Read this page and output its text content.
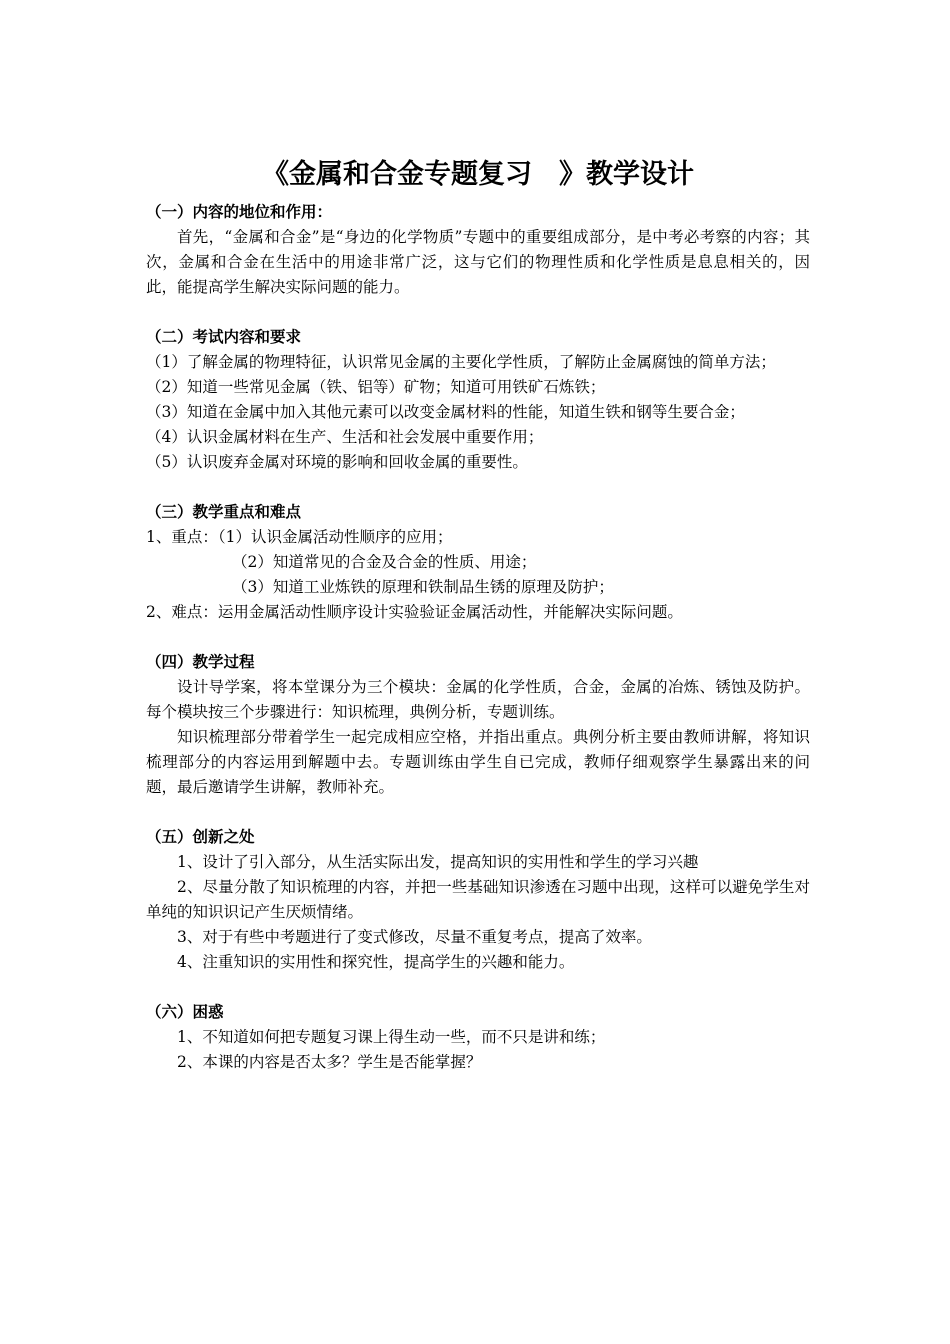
《金属和合金专题复习　》教学设计

（一）内容的地位和作用：

首先，“金属和合金”是“身边的化学物质”专题中的重要组成部分，是中考必考察的内容；其次，金属和合金在生活中的用途非常广泛，这与它们的物理性质和化学性质是息息相关的，因此，能提高学生解决实际问题的能力。

（二）考试内容和要求

（1）了解金属的物理特征，认识常见金属的主要化学性质，了解防止金属腐蚀的简单方法；

（2）知道一些常见金属（铁、铝等）矿物；知道可用铁矿石炼铁；

（3）知道在金属中加入其他元素可以改变金属材料的性能，知道生铁和钢等生要合金；

（4）认识金属材料在生产、生活和社会发展中重要作用；

（5）认识废弃金属对环境的影响和回收金属的重要性。

（三）教学重点和难点

1、重点：（1）认识金属活动性顺序的应用；

（2）知道常见的合金及合金的性质、用途；

（3）知道工业炼铁的原理和铁制品生锈的原理及防护；

2、难点：运用金属活动性顺序设计实验验证金属活动性，并能解决实际问题。

（四）教学过程

设计导学案，将本堂课分为三个模块：金属的化学性质，合金，金属的冶炼、锈蚀及防护。每个模块按三个步骤进行：知识梳理，典例分析，专题训练。

知识梳理部分带着学生一起完成相应空格，并指出重点。典例分析主要由教师讲解，将知识梳理部分的内容运用到解题中去。专题训练由学生自已完成，教师仔细观察学生暴露出来的问题，最后邀请学生讲解，教师补充。

（五）创新之处

1、设计了引入部分，从生活实际出发，提高知识的实用性和学生的学习兴趣

2、尽量分散了知识梳理的内容，并把一些基础知识渗透在习题中出现，这样可以避免学生对单纯的知识识记产生厌烦情绪。

3、对于有些中考题进行了变式修改，尽量不重复考点，提高了效率。

4、注重知识的实用性和探究性，提高学生的兴趣和能力。

（六）困惑

1、不知道如何把专题复习课上得生动一些，而不只是讲和练；

2、本课的内容是否太多？学生是否能掌握？
